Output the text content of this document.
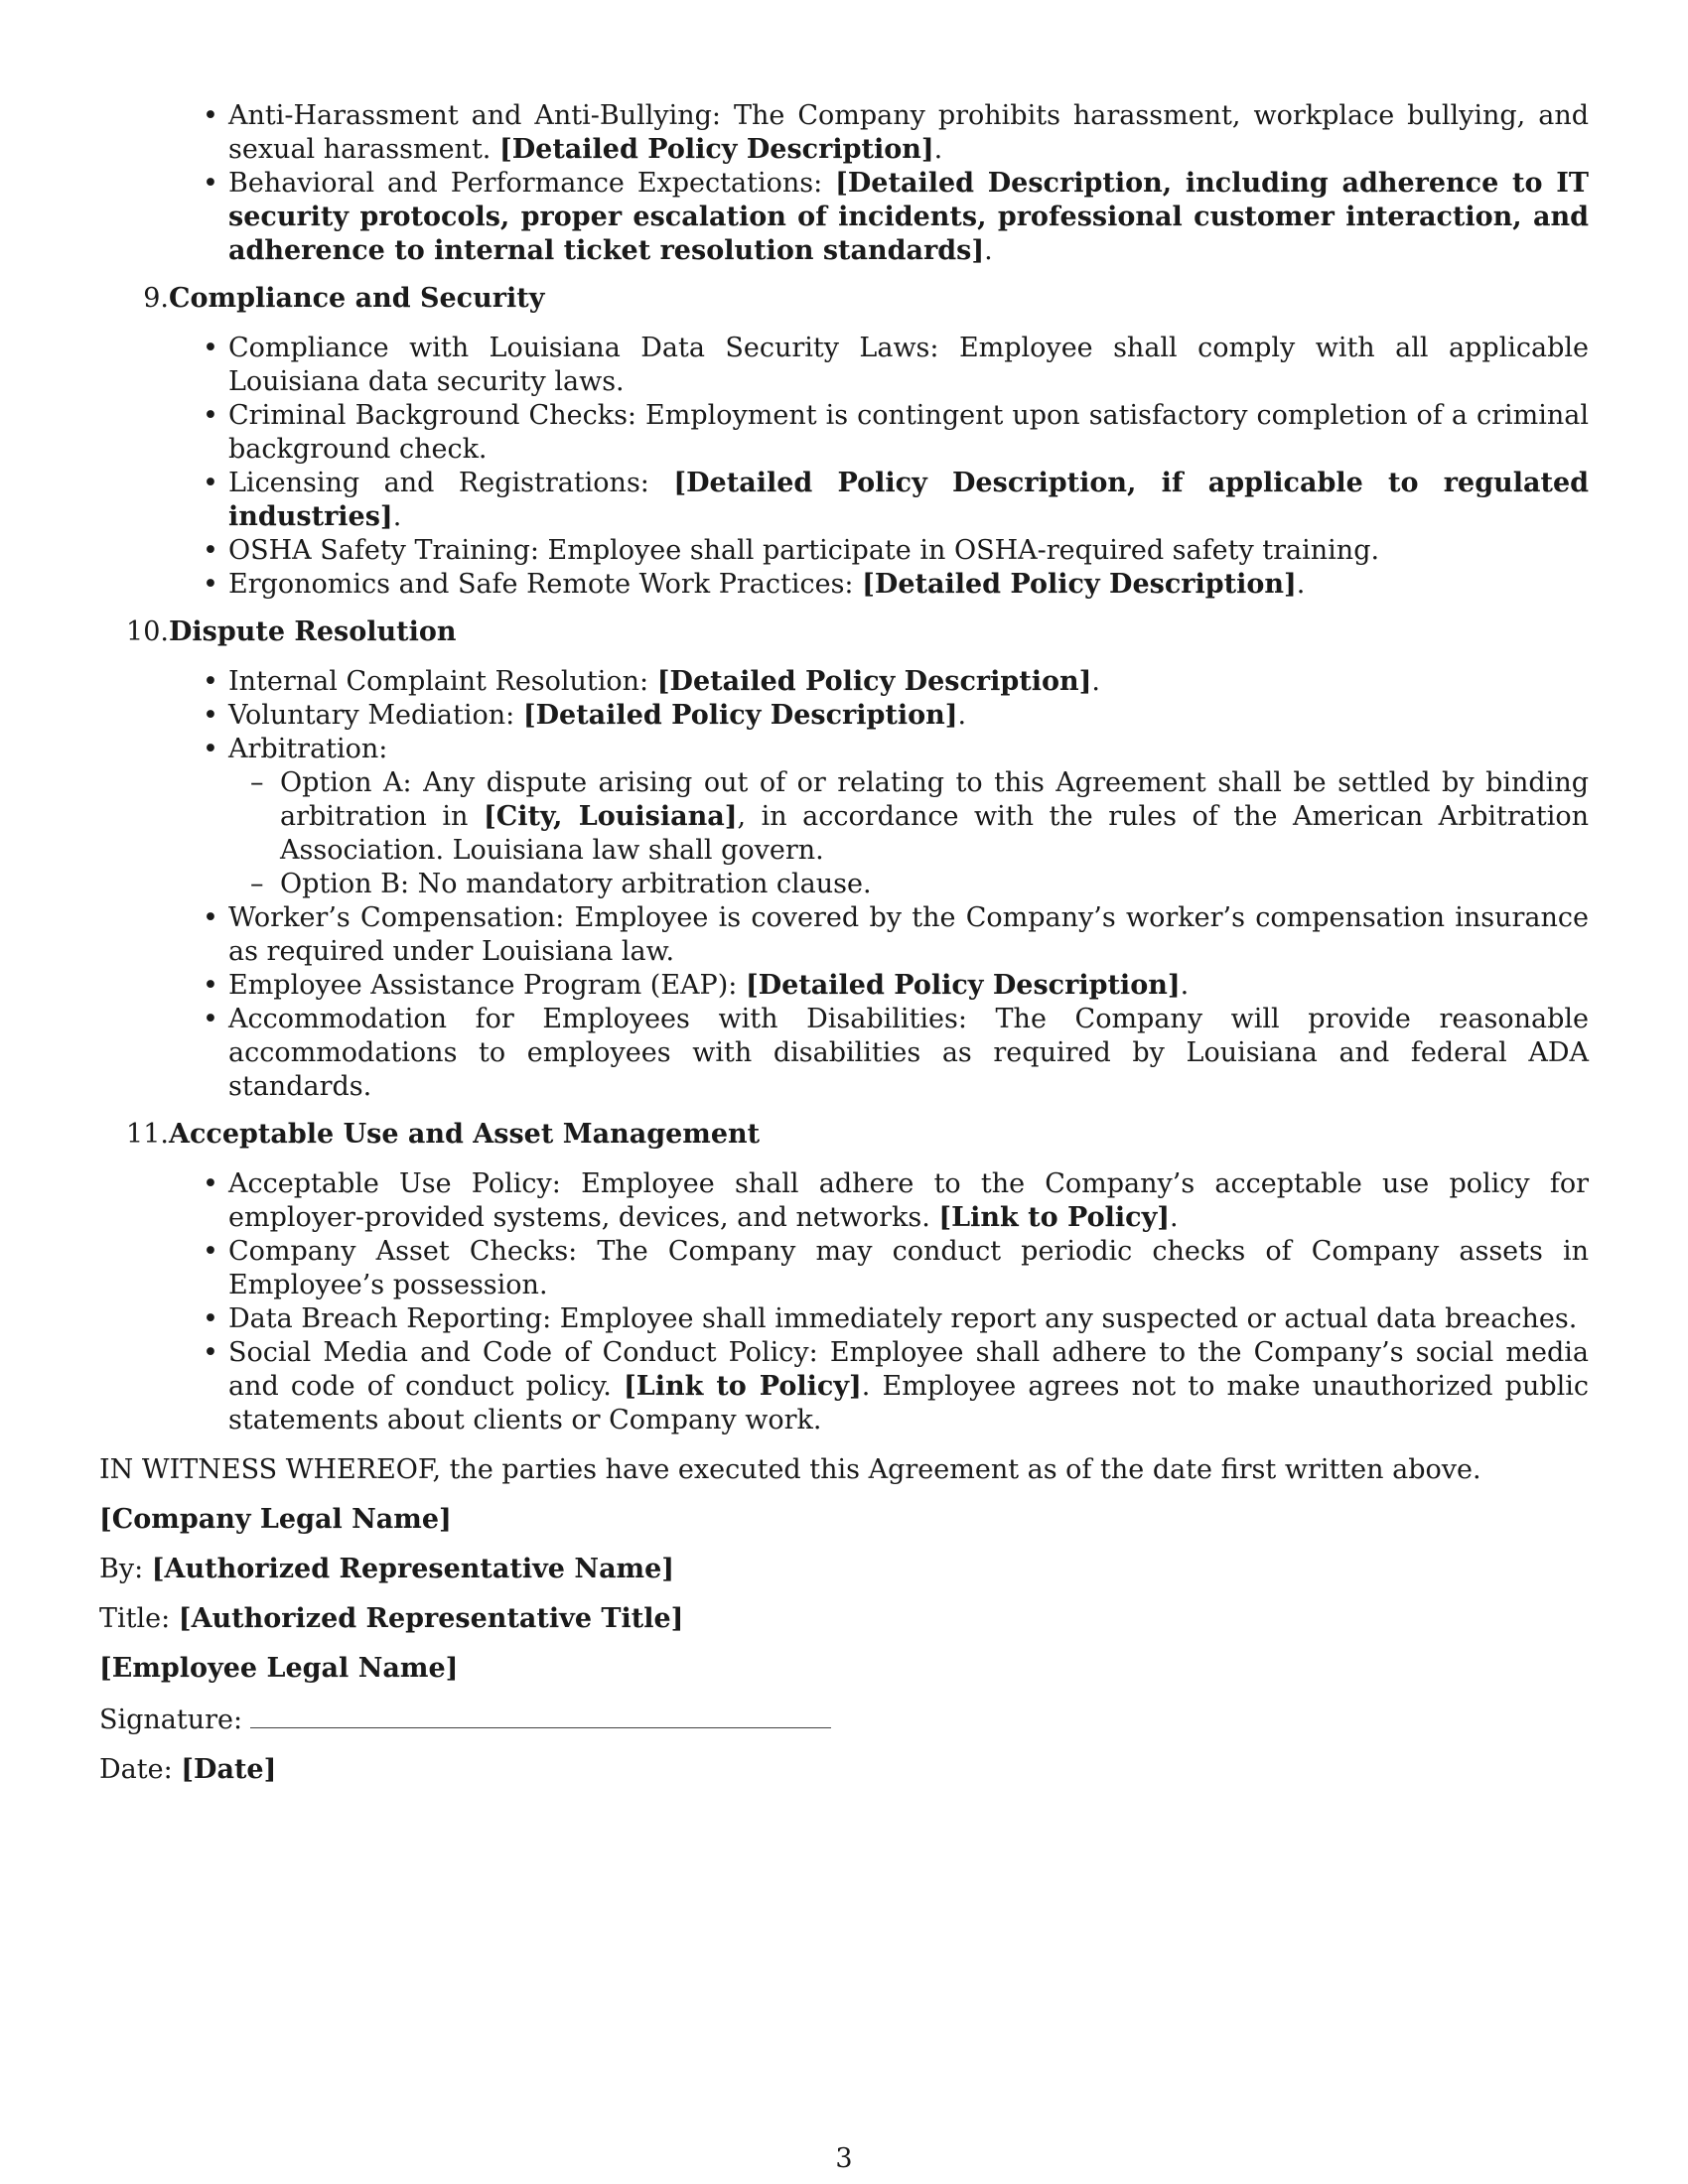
• Anti-Harassment and Anti-Bullying: The Company prohibits harassment, workplace bullying, and sexual harassment. [Detailed Policy Description].
• Behavioral and Performance Expectations: [Detailed Description, including adherence to IT security protocols, proper escalation of incidents, professional customer interaction, and adherence to internal ticket resolution standards].
9. Compliance and Security
• Compliance with Louisiana Data Security Laws: Employee shall comply with all applicable Louisiana data security laws.
• Criminal Background Checks: Employment is contingent upon satisfactory completion of a criminal background check.
• Licensing and Registrations: [Detailed Policy Description, if applicable to regulated industries].
• OSHA Safety Training: Employee shall participate in OSHA-required safety training.
• Ergonomics and Safe Remote Work Practices: [Detailed Policy Description].
10. Dispute Resolution
• Internal Complaint Resolution: [Detailed Policy Description].
• Voluntary Mediation: [Detailed Policy Description].
• Arbitration:
– Option A: Any dispute arising out of or relating to this Agreement shall be settled by binding arbitration in [City, Louisiana], in accordance with the rules of the American Arbitration Association. Louisiana law shall govern.
– Option B: No mandatory arbitration clause.
• Worker’s Compensation: Employee is covered by the Company’s worker’s compensation insurance as required under Louisiana law.
• Employee Assistance Program (EAP): [Detailed Policy Description].
• Accommodation for Employees with Disabilities: The Company will provide reasonable accommodations to employees with disabilities as required by Louisiana and federal ADA standards.
11. Acceptable Use and Asset Management
• Acceptable Use Policy: Employee shall adhere to the Company’s acceptable use policy for employer-provided systems, devices, and networks. [Link to Policy].
• Company Asset Checks: The Company may conduct periodic checks of Company assets in Employee’s possession.
• Data Breach Reporting: Employee shall immediately report any suspected or actual data breaches.
• Social Media and Code of Conduct Policy: Employee shall adhere to the Company’s social media and code of conduct policy. [Link to Policy]. Employee agrees not to make unauthorized public statements about clients or Company work.

IN WITNESS WHEREOF, the parties have executed this Agreement as of the date first written above.

[Company Legal Name]

By: [Authorized Representative Name]

Title: [Authorized Representative Title]

[Employee Legal Name]

Signature:

Date: [Date]

3
